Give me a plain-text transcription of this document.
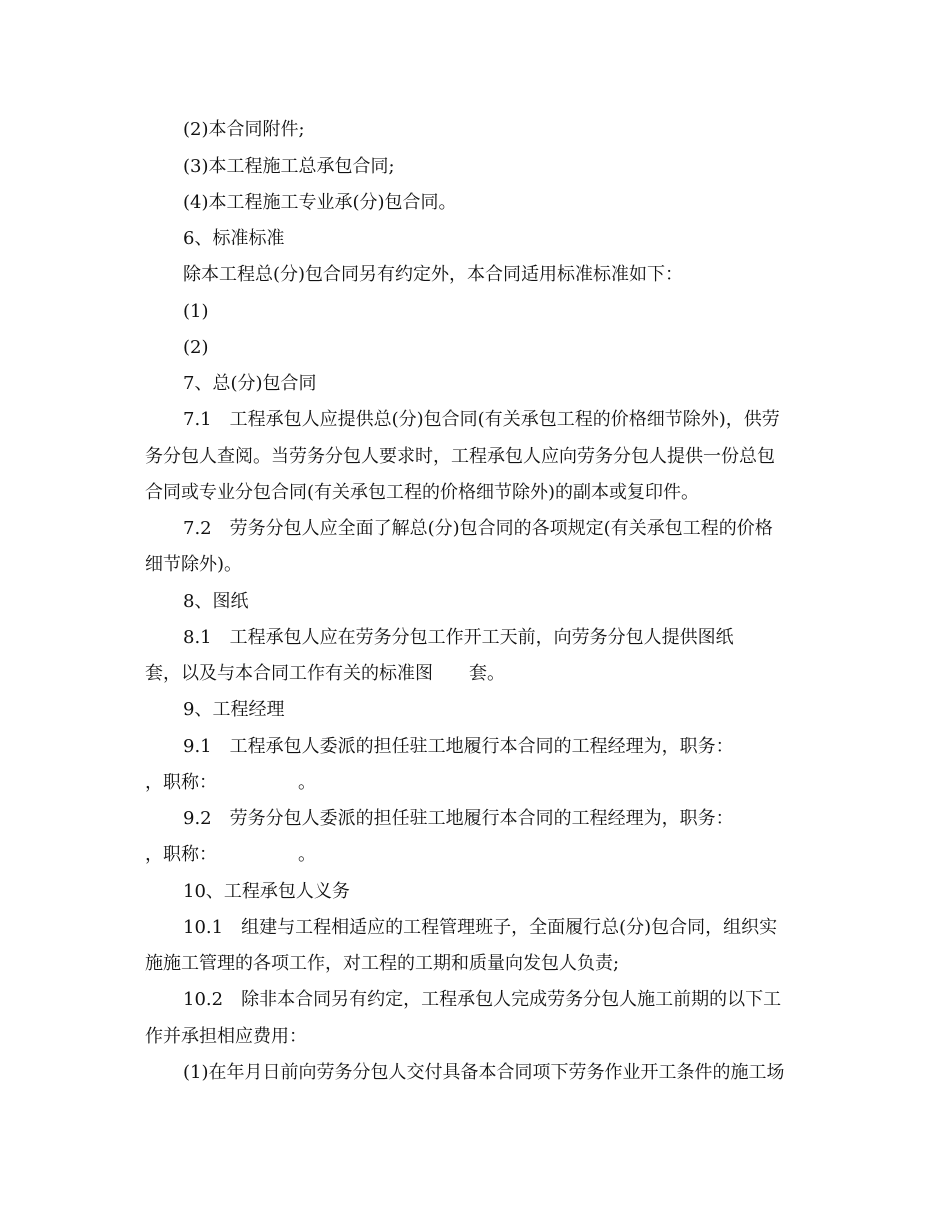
(2)本合同附件;
(3)本工程施工总承包合同;
(4)本工程施工专业承(分)包合同。
6、标准标准
除本工程总(分)包合同另有约定外，本合同适用标准标准如下：
(1)
(2)
7、总(分)包合同
7.1　工程承包人应提供总(分)包合同(有关承包工程的价格细节除外)，供劳
务分包人查阅。当劳务分包人要求时，工程承包人应向劳务分包人提供一份总包
合同或专业分包合同(有关承包工程的价格细节除外)的副本或复印件。
7.2　劳务分包人应全面了解总(分)包合同的各项规定(有关承包工程的价格
细节除外)。
8、图纸
8.1　工程承包人应在劳务分包工作开工天前，向劳务分包人提供图纸
套，以及与本合同工作有关的标准图　　套。
9、工程经理
9.1　工程承包人委派的担任驻工地履行本合同的工程经理为，职务：
，职称：　　　　　。
9.2　劳务分包人委派的担任驻工地履行本合同的工程经理为，职务：
，职称：　　　　　。
10、工程承包人义务
10.1　组建与工程相适应的工程管理班子，全面履行总(分)包合同，组织实
施施工管理的各项工作，对工程的工期和质量向发包人负责;
10.2　除非本合同另有约定，工程承包人完成劳务分包人施工前期的以下工
作并承担相应费用：
(1)在年月日前向劳务分包人交付具备本合同项下劳务作业开工条件的施工场
